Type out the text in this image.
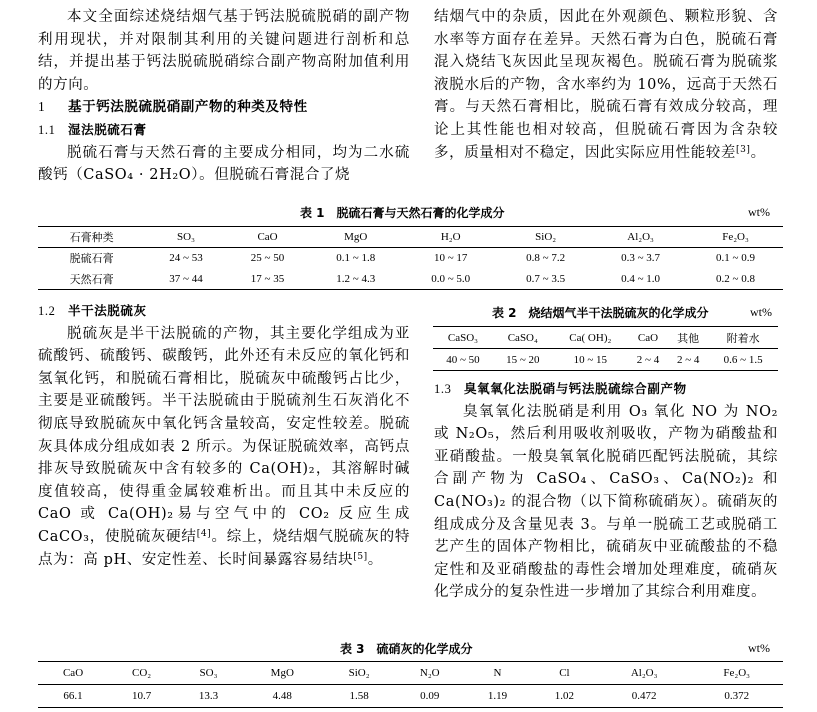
本文全面综述烧结烟气基于钙法脱硫脱硝的副产物利用现状，并对限制其利用的关键问题进行剖析和总结，并提出基于钙法脱硫脱硝综合副产物高附加值利用的方向。

1 基于钙法脱硫脱硝副产物的种类及特性

1.1 湿法脱硫石膏

脱硫石膏与天然石膏的主要成分相同，均为二水硫酸钙（CaSO₄ · 2H₂O）。但脱硫石膏混合了烧

结烟气中的杂质，因此在外观颜色、颗粒形貌、含水率等方面存在差异。天然石膏为白色，脱硫石膏混入烧结飞灰因此呈现灰褐色。脱硫石膏为脱硫浆液脱水后的产物，含水率约为 10%，远高于天然石膏。与天然石膏相比，脱硫石膏有效成分较高，理论上其性能也相对较高，但脱硫石膏因为含杂较多，质量相对不稳定，因此实际应用性能较差[3]。

表 1　脱硫石膏与天然石膏的化学成分	wt%
石膏种类	SO₃	CaO	MgO	H₂O	SiO₂	Al₂O₃	Fe₂O₃
脱硫石膏	24 ~ 53	25 ~ 50	0.1 ~ 1.8	10 ~ 17	0.8 ~ 7.2	0.3 ~ 3.7	0.1 ~ 0.9
天然石膏	37 ~ 44	17 ~ 35	1.2 ~ 4.3	0.0 ~ 5.0	0.7 ~ 3.5	0.4 ~ 1.0	0.2 ~ 0.8

1.2 半干法脱硫灰

脱硫灰是半干法脱硫的产物，其主要化学组成为亚硫酸钙、硫酸钙、碳酸钙，此外还有未反应的氧化钙和氢氧化钙，和脱硫石膏相比，脱硫灰中硫酸钙占比少，主要是亚硫酸钙。半干法脱硫由于脱硫剂生石灰消化不彻底导致脱硫灰中氧化钙含量较高，安定性较差。脱硫灰具体成分组成如表 2 所示。为保证脱硫效率，高钙点排灰导致脱硫灰中含有较多的 Ca(OH)₂，其溶解时碱度值较高，使得重金属较难析出。而且其中未反应的 CaO 或 Ca(OH)₂易与空气中的 CO₂ 反应生成 CaCO₃，使脱硫灰硬结[4]。综上，烧结烟气脱硫灰的特点为：高 pH、安定性差、长时间暴露容易结块[5]。

表 2　烧结烟气半干法脱硫灰的化学成分	wt%
CaSO₃	CaSO₄	Ca( OH)₂	CaO	其他	附着水
40 ~ 50	15 ~ 20	10 ~ 15	2 ~ 4	2 ~ 4	0.6 ~ 1.5

1.3 臭氧氧化法脱硝与钙法脱硫综合副产物

臭氧氧化法脱硝是利用 O₃ 氧化 NO 为 NO₂ 或 N₂O₅，然后利用吸收剂吸收，产物为硝酸盐和亚硝酸盐。一般臭氧氧化脱硝匹配钙法脱硫，其综合副产物为 CaSO₄、CaSO₃、Ca(NO₂)₂ 和 Ca(NO₃)₂ 的混合物（以下简称硫硝灰）。硫硝灰的组成成分及含量见表 3。与单一脱硫工艺或脱硝工艺产生的固体产物相比，硫硝灰中亚硫酸盐的不稳定性和及亚硝酸盐的毒性会增加处理难度，硫硝灰化学成分的复杂性进一步增加了其综合利用难度。

表 3　硫硝灰的化学成分	wt%
CaO	CO₂	SO₃	MgO	SiO₂	N₂O	N	Cl	Al₂O₃	Fe₂O₃
66.1	10.7	13.3	4.48	1.58	0.09	1.19	1.02	0.472	0.372
